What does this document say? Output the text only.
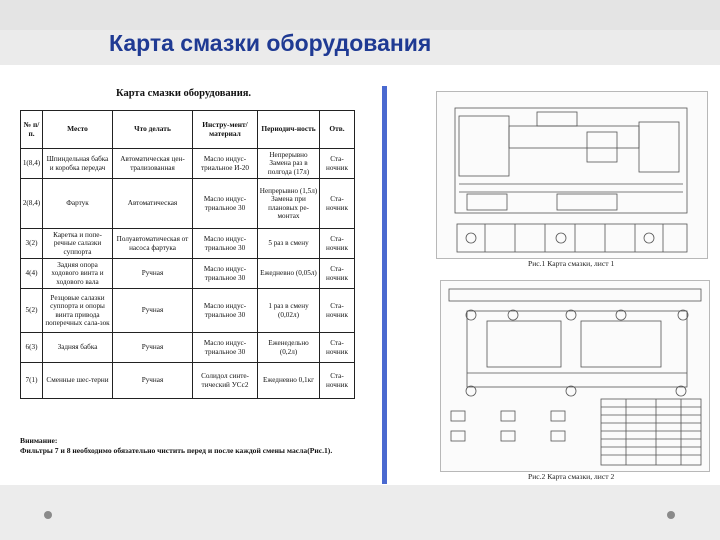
Карта смазки оборудования
Карта смазки оборудования.
№ п/п.	Место	Что делать	Инстру-мент/материал	Периодич-ность	Отв.
1(8,4)	Шпиндельная бабка и коробка передач	Автоматическая цен-трализованная	Масло индус-триальное И-20	Непрерывно Замена раз в полгода (17л)	Ста-ночник
2(8,4)	Фартук	Автоматическая	Масло индус-триальное 30	Непрерывно (1,5л) Замена при плановых ре-монтах	Ста-ночник
3(2)	Каретка и попе-речные салазки суппорта	Полуавтоматическая от насоса фартука	Масло индус-триальное 30	5 раз в смену	Ста-ночник
4(4)	Задняя опора ходового винта и ходового вала	Ручная	Масло индус-триальное 30	Ежедневно (0,05л)	Ста-ночник
5(2)	Резцовые салазки суппорта и опоры винта привода поперечных сала-зок	Ручная	Масло индус-триальное 30	1 раз в смену (0,02л)	Ста-ночник
6(3)	Задняя бабка	Ручная	Масло индус-триальное 30	Еженедельно (0,2л)	Ста-ночник
7(1)	Сменные шес-терни	Ручная	Солидол синте-тический УСс2	Ежедневно 0,1кг	Ста-ночник
Внимание:
Фильтры 7 и 8 необходимо обязательно чистить перед и после каждой смены масла(Рис.1).
Рис.1 Карта смазки, лист 1
Рис.2 Карта смазки, лист 2
